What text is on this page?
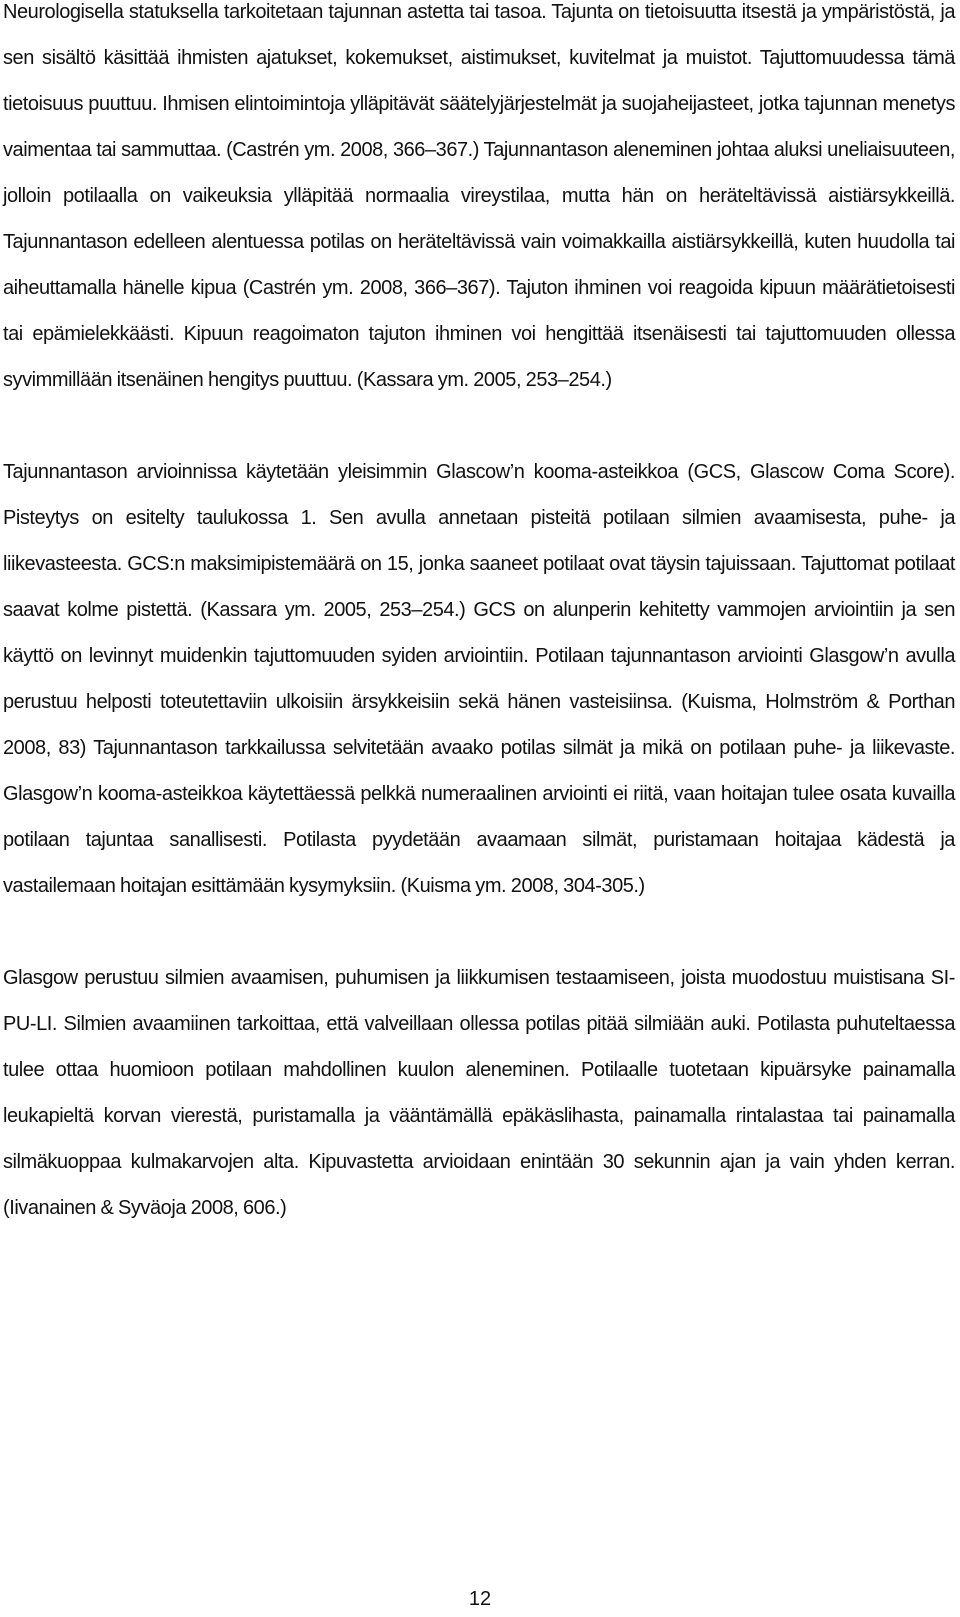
Neurologisella statuksella tarkoitetaan tajunnan astetta tai tasoa. Tajunta on tietoisuutta itsestä ja ympäristöstä, ja sen sisältö käsittää ihmisten ajatukset, kokemukset, aistimukset, kuvitelmat ja muistot. Tajuttomuudessa tämä tietoisuus puuttuu. Ihmisen elintoimintoja ylläpitävät säätelyjärjestelmät ja suojaheijasteet, jotka tajunnan menetys vaimentaa tai sammuttaa. (Castrén ym. 2008, 366–367.) Tajunnantason aleneminen johtaa aluksi uneliaisuuteen, jolloin potilaalla on vaikeuksia ylläpitää normaalia vireystilaa, mutta hän on heräteltävissä aistiärsykkeillä. Tajunnantason edelleen alentuessa potilas on heräteltävissä vain voimakkailla aistiärsykkeillä, kuten huudolla tai aiheuttamalla hänelle kipua (Castrén ym. 2008, 366–367). Tajuton ihminen voi reagoida kipuun määrätietoisesti tai epämielekkäästi. Kipuun reagoimaton tajuton ihminen voi hengittää itsenäisesti tai tajuttomuuden ollessa syvimmillään itsenäinen hengitys puuttuu. (Kassara ym. 2005, 253–254.)

Tajunnantason arvioinnissa käytetään yleisimmin Glascow’n kooma-asteikkoa (GCS, Glascow Coma Score). Pisteytys on esitelty taulukossa 1. Sen avulla annetaan pisteitä potilaan silmien avaamisesta, puhe- ja liikevasteesta. GCS:n maksimipistemäärä on 15, jonka saaneet potilaat ovat täysin tajuissaan. Tajuttomat potilaat saavat kolme pistettä. (Kassara ym. 2005, 253–254.) GCS on alunperin kehitetty vammojen arviointiin ja sen käyttö on levinnyt muidenkin tajuttomuuden syiden arviointiin. Potilaan tajunnantason arviointi Glasgow’n avulla perustuu helposti toteutettaviin ulkoisiin ärsykkeisiin sekä hänen vasteisiinsa. (Kuisma, Holmström & Porthan 2008, 83) Tajunnantason tarkkailussa selvitetään avaako potilas silmät ja mikä on potilaan puhe- ja liikevaste. Glasgow’n kooma-asteikkoa käytettäessä pelkkä numeraalinen arviointi ei riitä, vaan hoitajan tulee osata kuvailla potilaan tajuntaa sanallisesti. Potilasta pyydetään avaamaan silmät, puristamaan hoitajaa kädestä ja vastailemaan hoitajan esittämään kysymyksiin. (Kuisma ym. 2008, 304-305.)

Glasgow perustuu silmien avaamisen, puhumisen ja liikkumisen testaamiseen, joista muodostuu muistisana SI-PU-LI. Silmien avaamiinen tarkoittaa, että valveillaan ollessa potilas pitää silmiään auki. Potilasta puhuteltaessa tulee ottaa huomioon potilaan mahdollinen kuulon aleneminen. Potilaalle tuotetaan kipuärsyke painamalla leukapieltä korvan vierestä, puristamalla ja vääntämällä epäkäslihasta, painamalla rintalastaa tai painamalla silmäkuoppaa kulmakarvojen alta. Kipuvastetta arvioidaan enintään 30 sekunnin ajan ja vain yhden kerran. (Iivanainen & Syväoja 2008, 606.)

12
